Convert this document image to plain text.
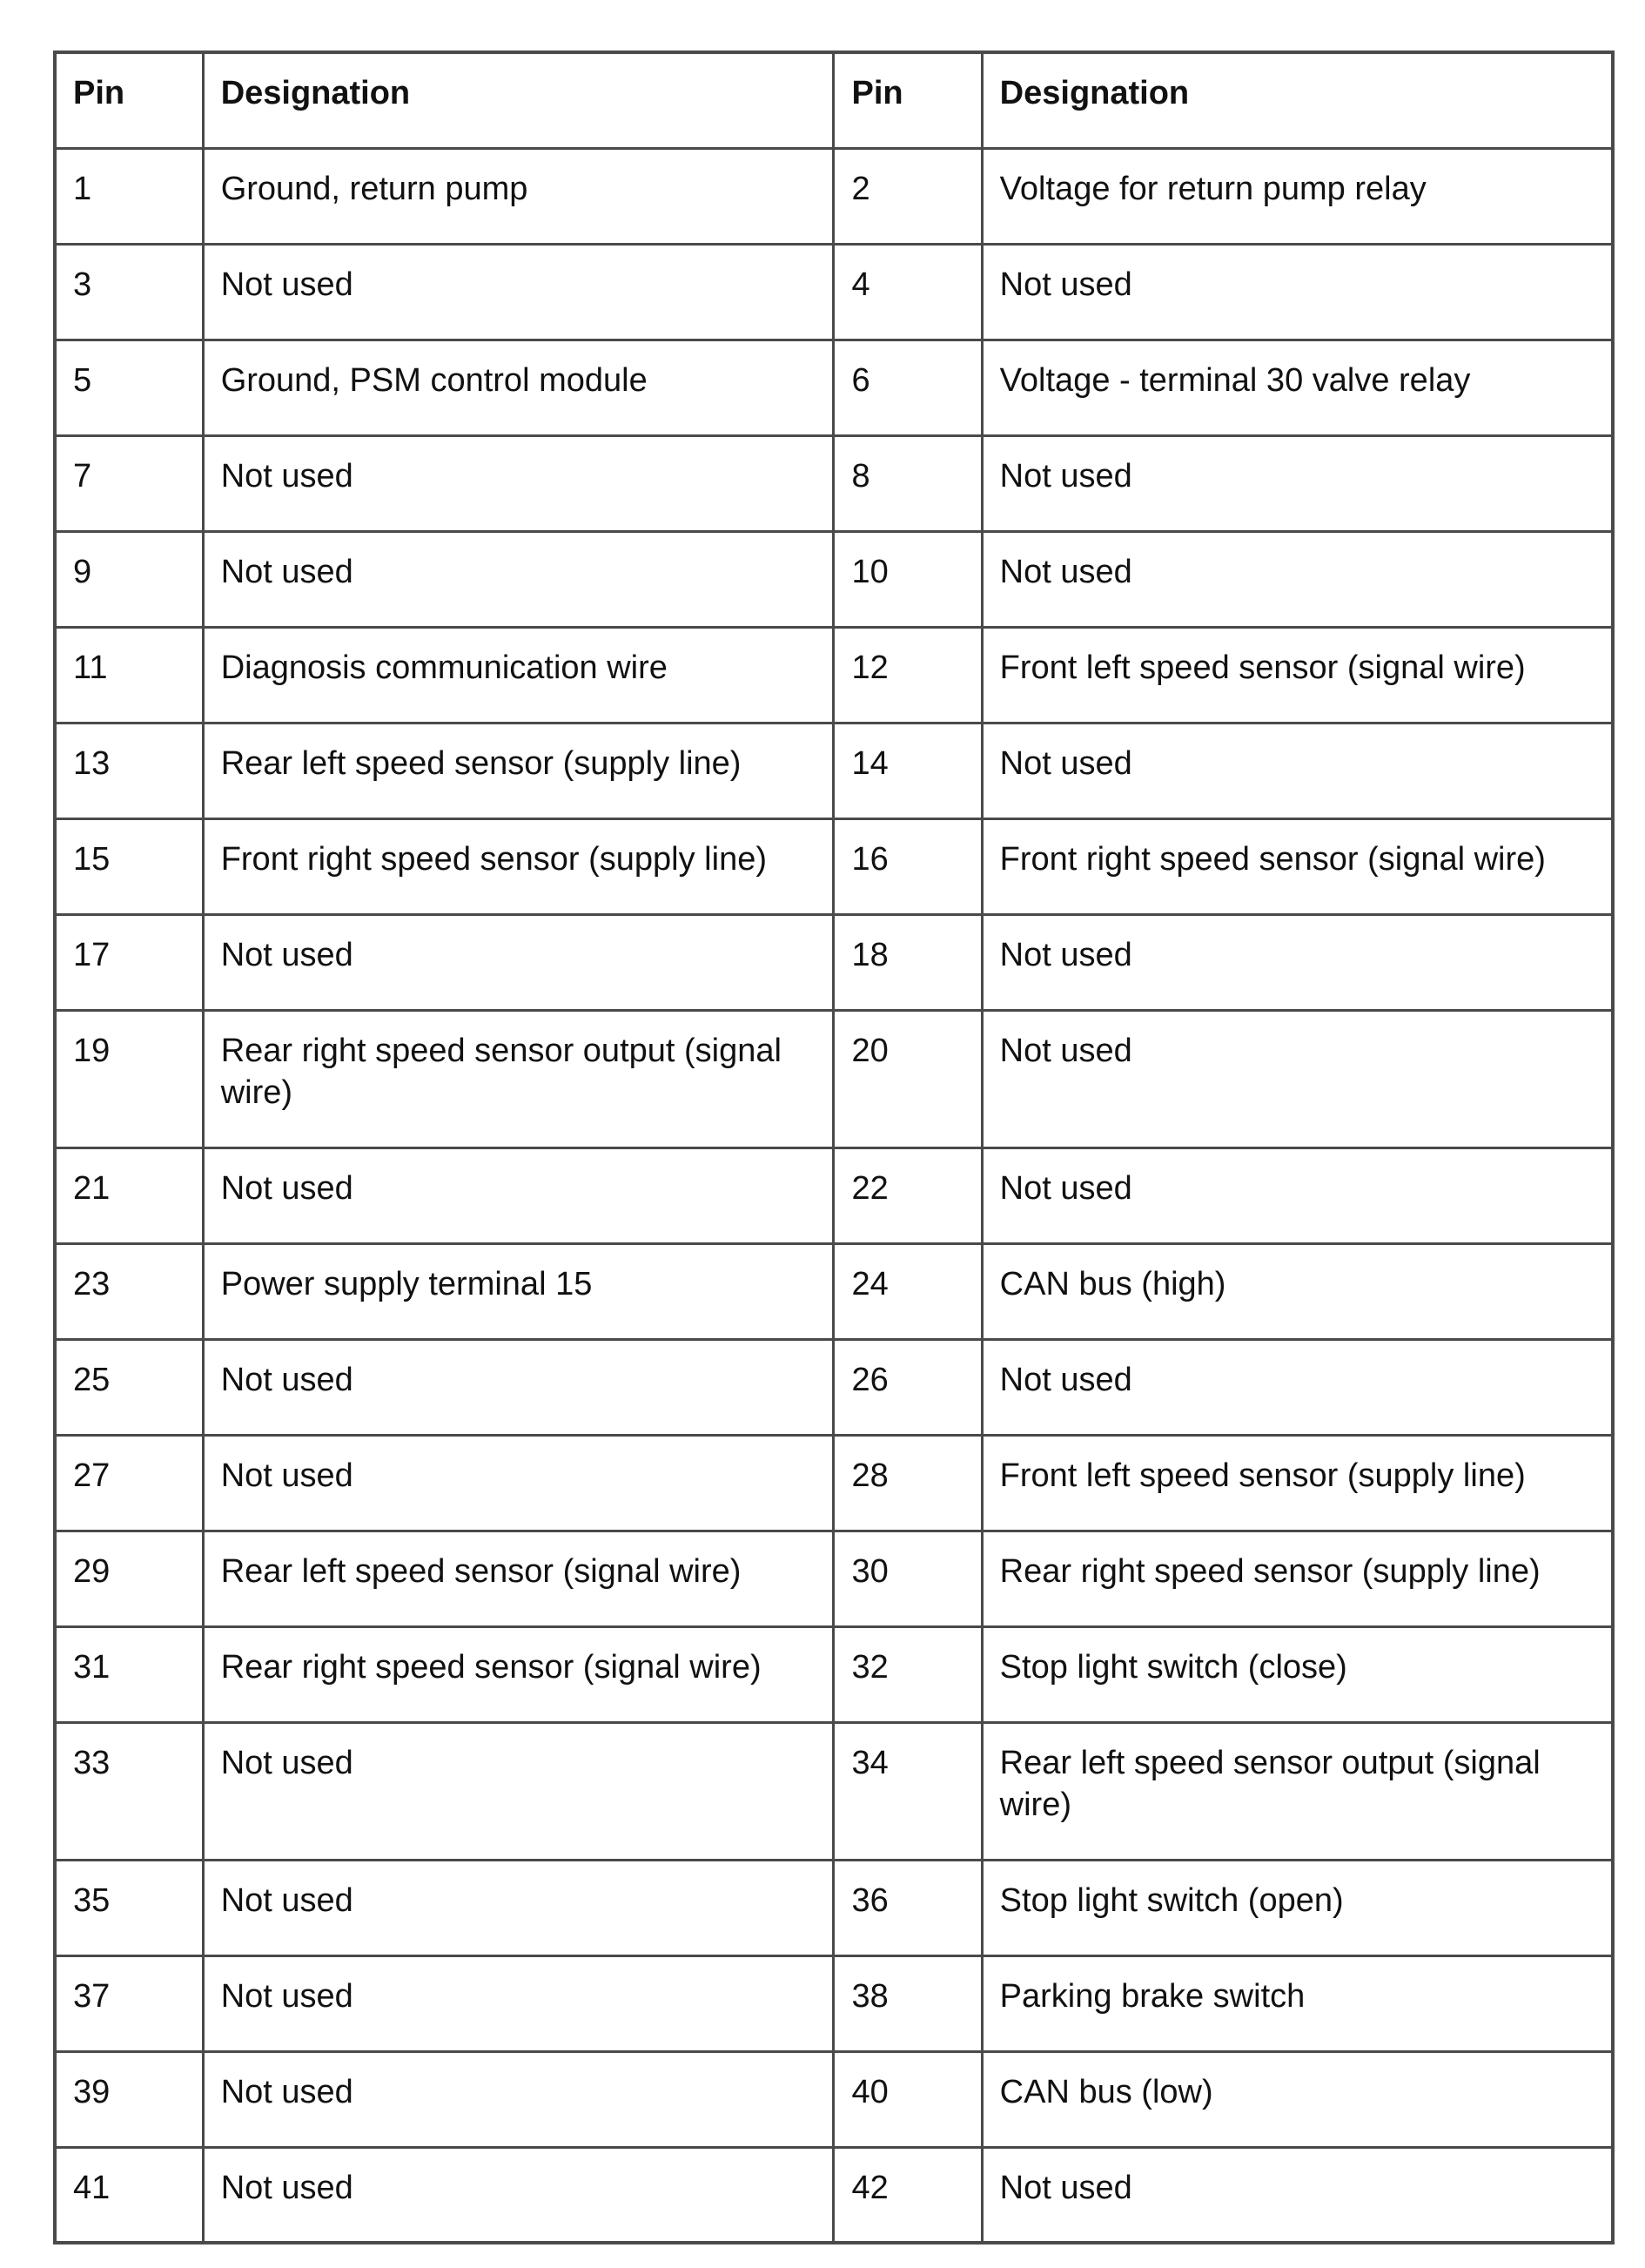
Pin	Designation	Pin	Designation
1	Ground, return pump	2	Voltage for return pump relay
3	Not used	4	Not used
5	Ground, PSM control module	6	Voltage - terminal 30 valve relay
7	Not used	8	Not used
9	Not used	10	Not used
11	Diagnosis communication wire	12	Front left speed sensor (signal wire)
13	Rear left speed sensor (supply line)	14	Not used
15	Front right speed sensor (supply line)	16	Front right speed sensor (signal wire)
17	Not used	18	Not used
19	Rear right speed sensor output (signal wire)	20	Not used
21	Not used	22	Not used
23	Power supply terminal 15	24	CAN bus (high)
25	Not used	26	Not used
27	Not used	28	Front left speed sensor (supply line)
29	Rear left speed sensor (signal wire)	30	Rear right speed sensor (supply line)
31	Rear right speed sensor (signal wire)	32	Stop light switch (close)
33	Not used	34	Rear left speed sensor output (signal wire)
35	Not used	36	Stop light switch (open)
37	Not used	38	Parking brake switch
39	Not used	40	CAN bus (low)
41	Not used	42	Not used
